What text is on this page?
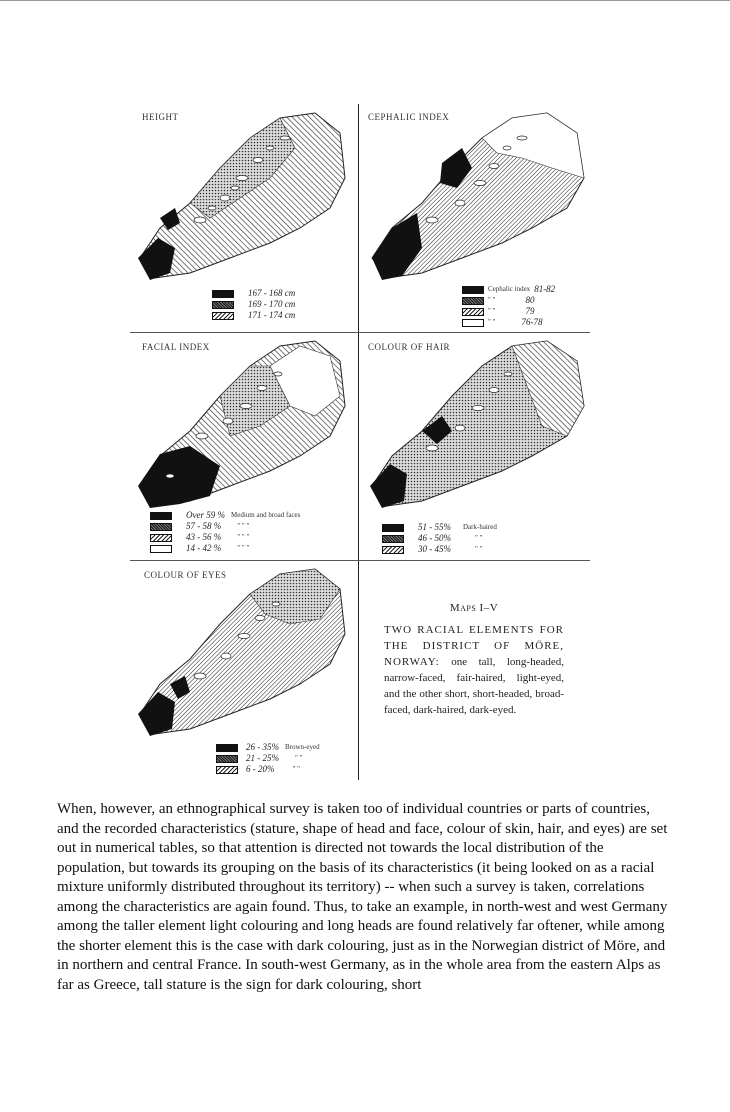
HEIGHT
167 - 168 cm
169 - 170 cm
171 - 174 cm
CEPHALIC INDEX
Cephalic index 81-82
" "	80
" "	79
" "	76-78
FACIAL INDEX
Over 59 % Medium and broad faces
57 - 58 % " " "
43 - 56 % " " "
14 - 42 % " " "
COLOUR OF HAIR
51 - 55% Dark-haired
46 - 50%	" "
30 - 45%	" "
COLOUR OF EYES
26 - 35% Brown-eyed
21 - 25% " "
6 - 20%	" "
Maps I–V
TWO RACIAL ELEMENTS FOR THE DISTRICT OF MÖRE, NORWAY: one tall, long-headed, narrow-faced, fair-haired, light-eyed, and the other short, short-headed, broad-faced, dark-haired, dark-eyed.
When, however, an ethnographical survey is taken too of individual countries or parts of countries, and the recorded characteristics (stature, shape of head and face, colour of skin, hair, and eyes) are set out in numerical tables, so that attention is directed not towards the local distribution of the population, but towards its grouping on the basis of its characteristics (it being looked on as a racial mixture uniformly distributed throughout its territory) -- when such a survey is taken, correlations among the characteristics are again found. Thus, to take an example, in north-west and west Germany among the taller element light colouring and long heads are found relatively far oftener, while among the shorter element this is the case with dark colouring, just as in the Norwegian district of Möre, and in northern and central France. In south-west Germany, as in the whole area from the eastern Alps as far as Greece, tall stature is the sign for dark colouring, short
